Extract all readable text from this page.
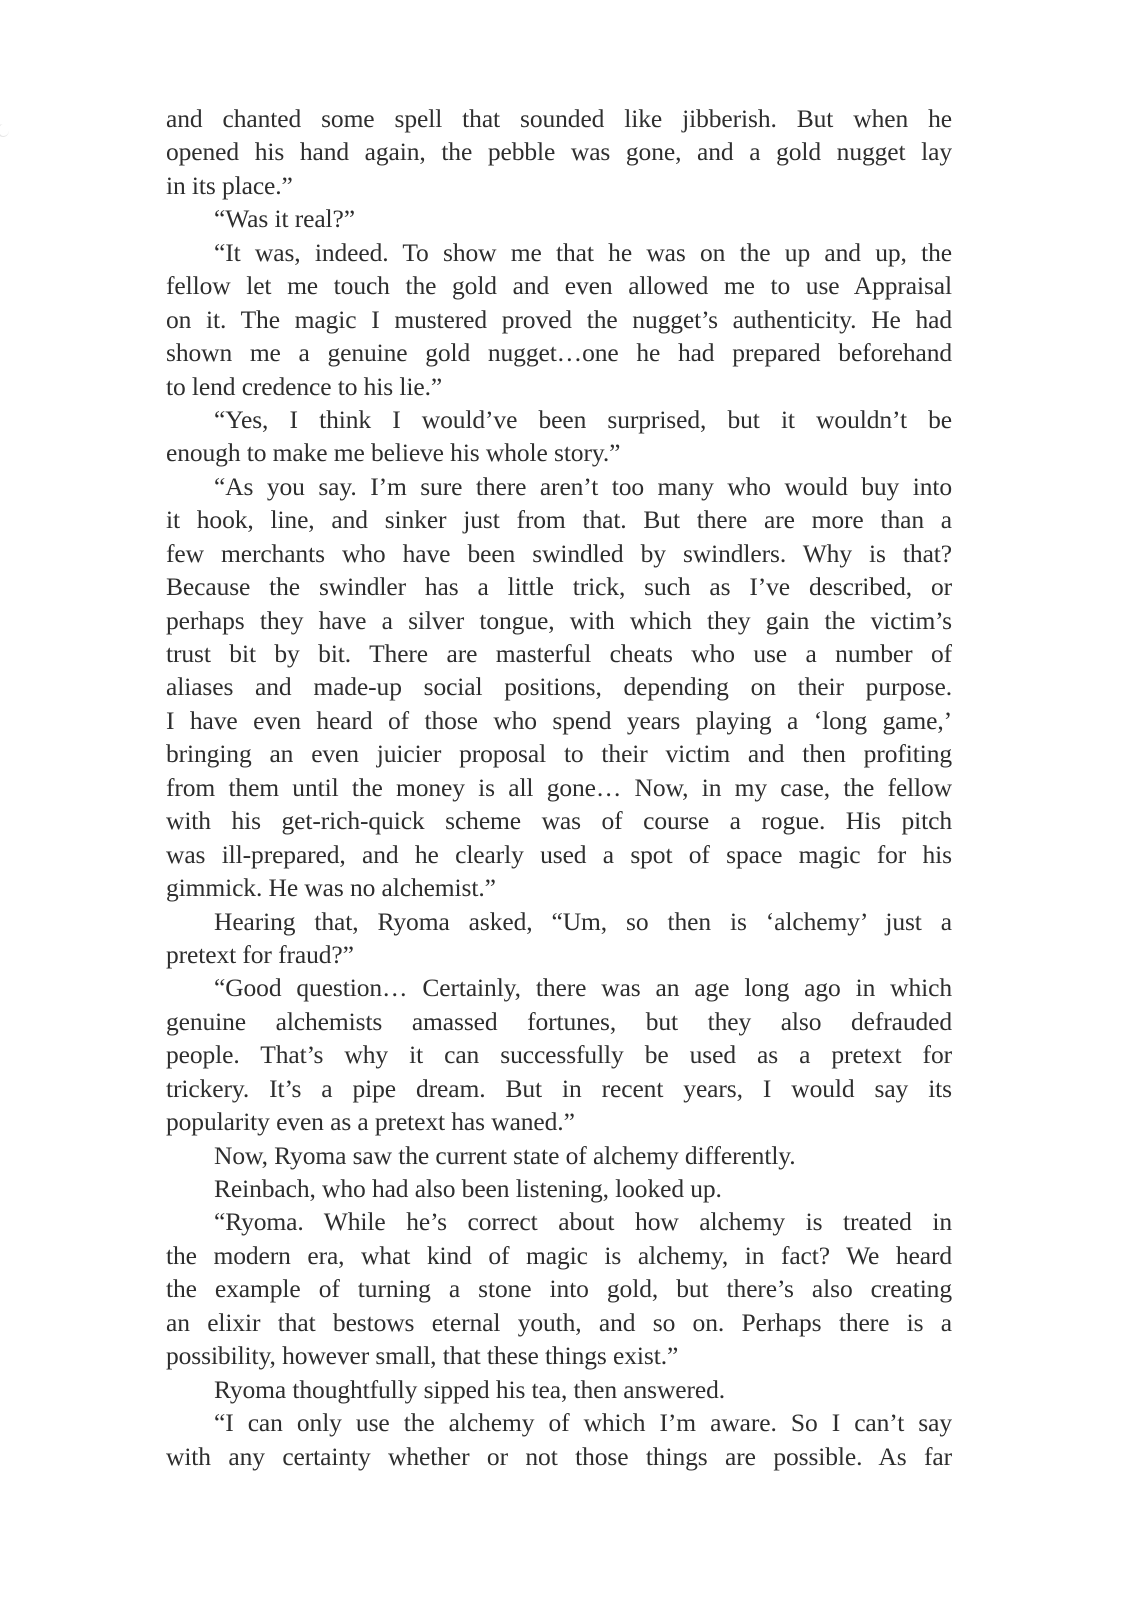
and chanted some spell that sounded like jibberish. But when he
opened his hand again, the pebble was gone, and a gold nugget lay
in its place.”
“Was it real?”
“It was, indeed. To show me that he was on the up and up, the
fellow let me touch the gold and even allowed me to use Appraisal
on it. The magic I mustered proved the nugget’s authenticity. He had
shown me a genuine gold nugget…one he had prepared beforehand
to lend credence to his lie.”
“Yes, I think I would’ve been surprised, but it wouldn’t be
enough to make me believe his whole story.”
“As you say. I’m sure there aren’t too many who would buy into
it hook, line, and sinker just from that. But there are more than a
few merchants who have been swindled by swindlers. Why is that?
Because the swindler has a little trick, such as I’ve described, or
perhaps they have a silver tongue, with which they gain the victim’s
trust bit by bit. There are masterful cheats who use a number of
aliases and made-up social positions, depending on their purpose.
I have even heard of those who spend years playing a ‘long game,’
bringing an even juicier proposal to their victim and then profiting
from them until the money is all gone… Now, in my case, the fellow
with his get-rich-quick scheme was of course a rogue. His pitch
was ill-prepared, and he clearly used a spot of space magic for his
gimmick. He was no alchemist.”
Hearing that, Ryoma asked, “Um, so then is ‘alchemy’ just a
pretext for fraud?”
“Good question… Certainly, there was an age long ago in which
genuine alchemists amassed fortunes, but they also defrauded
people. That’s why it can successfully be used as a pretext for
trickery. It’s a pipe dream. But in recent years, I would say its
popularity even as a pretext has waned.”
Now, Ryoma saw the current state of alchemy differently.
Reinbach, who had also been listening, looked up.
“Ryoma. While he’s correct about how alchemy is treated in
the modern era, what kind of magic is alchemy, in fact? We heard
the example of turning a stone into gold, but there’s also creating
an elixir that bestows eternal youth, and so on. Perhaps there is a
possibility, however small, that these things exist.”
Ryoma thoughtfully sipped his tea, then answered.
“I can only use the alchemy of which I’m aware. So I can’t say
with any certainty whether or not those things are possible. As far
